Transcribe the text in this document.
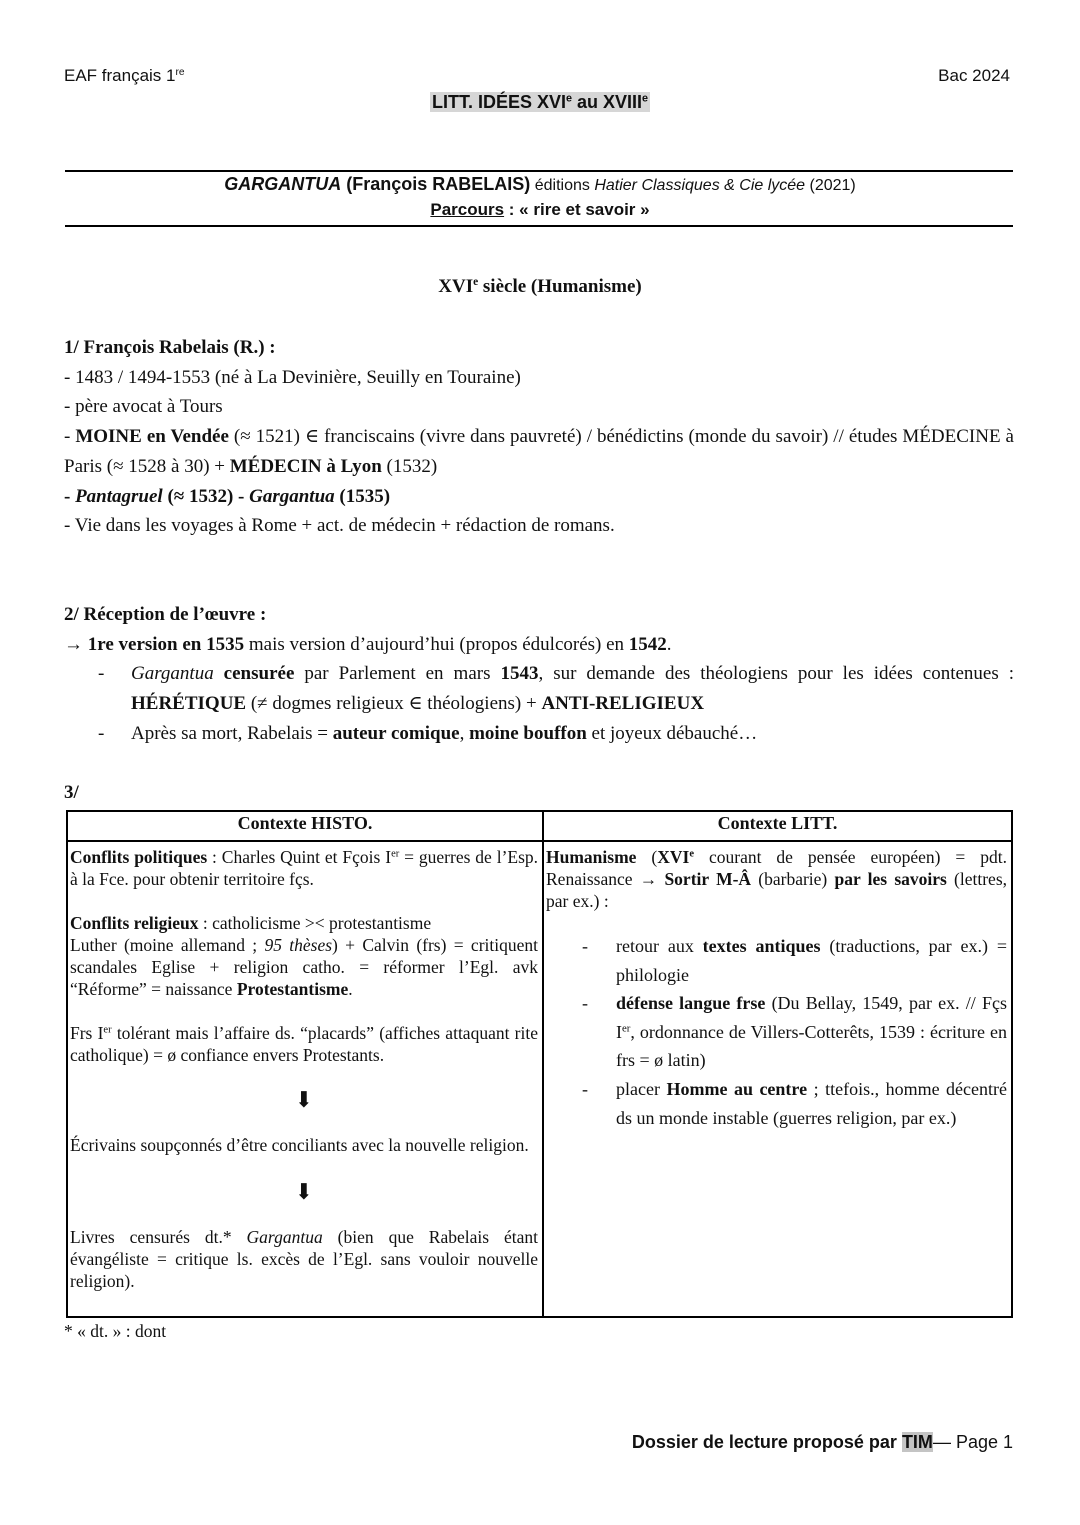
EAF français 1re	Bac 2024
LITT. IDÉES XVIe au XVIIIe
GARGANTUA (François RABELAIS) éditions Hatier Classiques & Cie lycée (2021)
Parcours : « rire et savoir »
XVIe siècle (Humanisme)
1/ François Rabelais (R.) :
- 1483 / 1494-1553 (né à La Devinière, Seuilly en Touraine)
- père avocat à Tours
- MOINE en Vendée (≈ 1521) ∈ franciscains (vivre dans pauvreté) / bénédictins (monde du savoir) // études MÉDECINE à Paris (≈ 1528 à 30) + MÉDECIN à Lyon (1532)
- Pantagruel (≈ 1532) - Gargantua (1535)
- Vie dans les voyages à Rome + act. de médecin + rédaction de romans.
2/ Réception de l’œuvre :
→ 1re version en 1535 mais version d’aujourd’hui (propos édulcorés) en 1542.
- Gargantua censurée par Parlement en mars 1543, sur demande des théologiens pour les idées contenues : HÉRÉTIQUE (≠ dogmes religieux ∈ théologiens) + ANTI-RELIGIEUX
- Après sa mort, Rabelais = auteur comique, moine bouffon et joyeux débauché…
3/
Contexte HISTO.	Contexte LITT.

Conflits politiques : Charles Quint et Fçois Ier = guerres de l’Esp. à la Fce. pour obtenir territoire fçs.
Conflits religieux : catholicisme >< protestantisme
Luther (moine allemand ; 95 thèses) + Calvin (frs) = critiquent scandales Eglise + religion catho. = réformer l’Egl. avk “Réforme” = naissance Protestantisme.
Frs Ier tolérant mais l’affaire ds. “placards” (affiches attaquant rite catholique) = ø confiance envers Protestants.
⬇
Écrivains soupçonnés d’être conciliants avec la nouvelle religion.
⬇
Livres censurés dt.* Gargantua (bien que Rabelais étant évangéliste = critique ls. excès de l’Egl. sans vouloir nouvelle religion).

Humanisme (XVIe courant de pensée européen) = pdt. Renaissance → Sortir M-Â (barbarie) par les savoirs (lettres, par ex.) :
- retour aux textes antiques (traductions, par ex.) = philologie
- défense langue frse (Du Bellay, 1549, par ex. // Fçs Ier, ordonnance de Villers-Cotterêts, 1539 : écriture en frs = ø latin)
- placer Homme au centre ; ttefois., homme décentré ds un monde instable (guerres religion, par ex.)
* « dt. » : dont
Dossier de lecture proposé par TIM— Page 1
